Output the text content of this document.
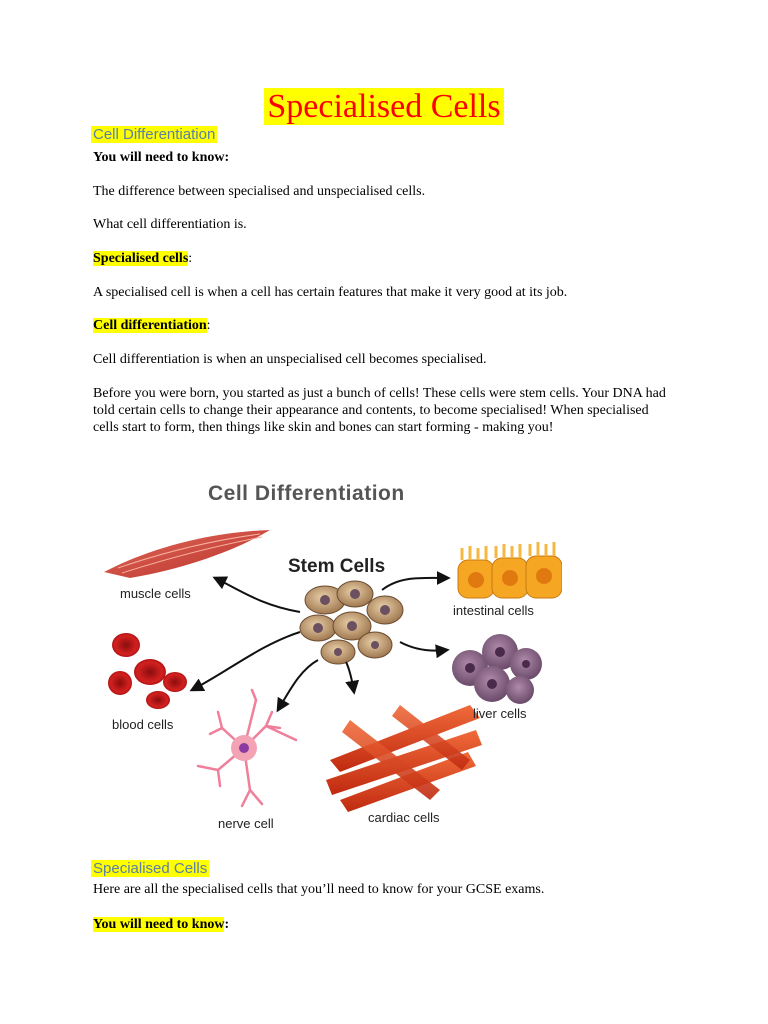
Specialised Cells
Cell Differentiation
You will need to know:
The difference between specialised and unspecialised cells.
What cell differentiation is.
Specialised cells:
A specialised cell is when a cell has certain features that make it very good at its job.
Cell differentiation:
Cell differentiation is when an unspecialised cell becomes specialised.
Before you were born, you started as just a bunch of cells! These cells were stem cells. Your DNA had told certain cells to change their appearance and contents, to become specialised! When specialised cells start to form, then things like skin and bones can start forming - making you!
Cell Differentiation
Stem Cells
muscle cells
intestinal cells
blood cells
liver cells
nerve cell	cardiac cells
Specialised Cells
Here are all the specialised cells that you’ll need to know for your GCSE exams.
You will need to know:
